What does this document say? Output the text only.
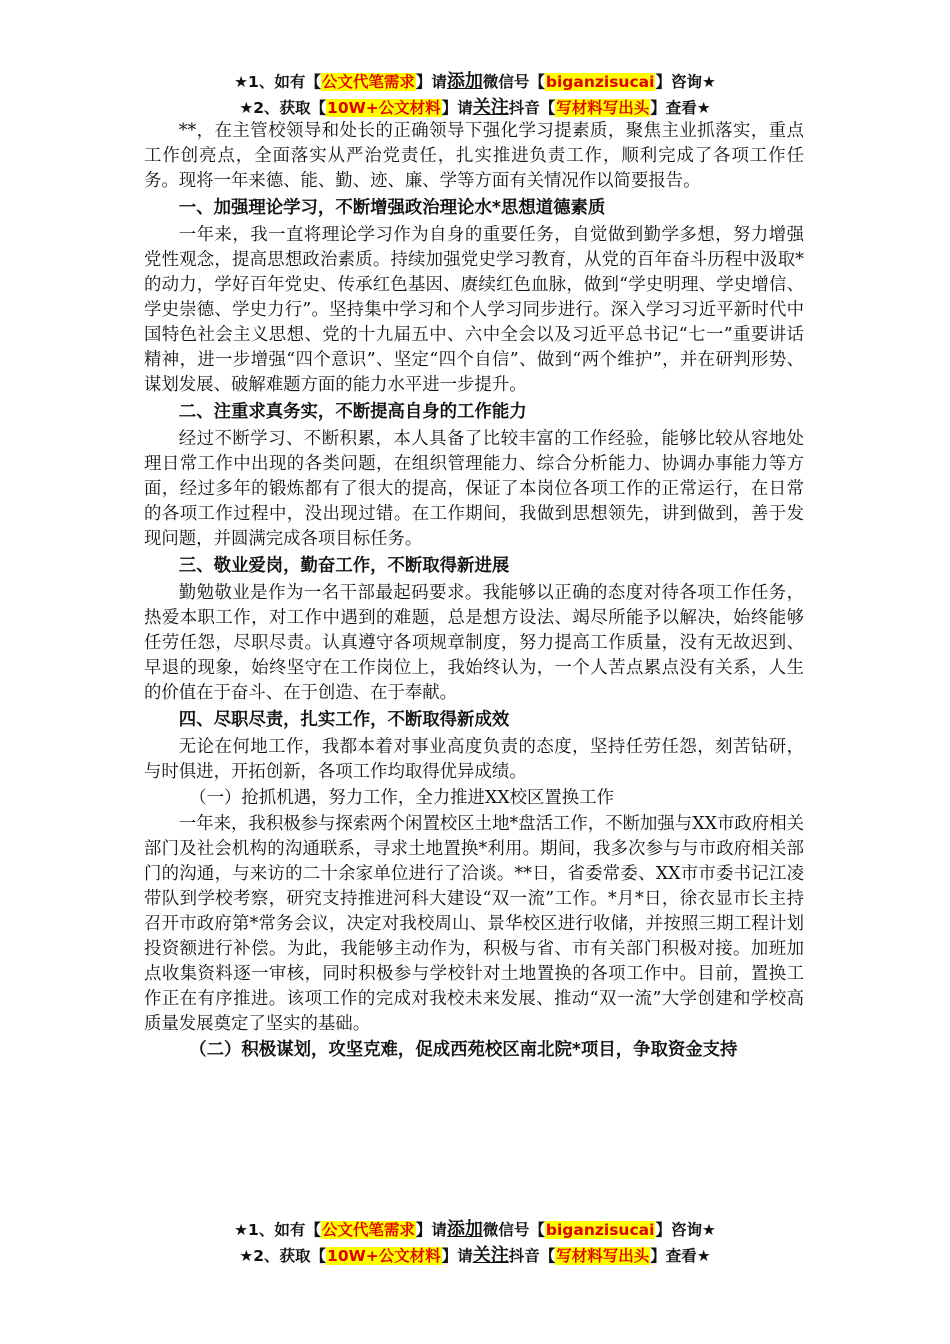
★1、如有【公文代笔需求】请添加微信号【biganzisucai】咨询★
★2、获取【10W+公文材料】请关注抖音【写材料写出头】查看★

**，在主管校领导和处长的正确领导下强化学习提素质，聚焦主业抓落实，重点工作创亮点，全面落实从严治党责任，扎实推进负责工作，顺利完成了各项工作任务。现将一年来德、能、勤、迹、廉、学等方面有关情况作以简要报告。

一、加强理论学习，不断增强政治理论水*思想道德素质

一年来，我一直将理论学习作为自身的重要任务，自觉做到勤学多想，努力增强党性观念，提高思想政治素质。持续加强党史学习教育，从党的百年奋斗历程中汲取*的动力，学好百年党史、传承红色基因、赓续红色血脉，做到“学史明理、学史增信、学史崇德、学史力行”。坚持集中学习和个人学习同步进行。深入学习习近平新时代中国特色社会主义思想、党的十九届五中、六中全会以及习近平总书记“七一”重要讲话精神，进一步增强“四个意识”、坚定“四个自信”、做到“两个维护”，并在研判形势、谋划发展、破解难题方面的能力水平进一步提升。

二、注重求真务实，不断提高自身的工作能力

经过不断学习、不断积累，本人具备了比较丰富的工作经验，能够比较从容地处理日常工作中出现的各类问题，在组织管理能力、综合分析能力、协调办事能力等方面，经过多年的锻炼都有了很大的提高，保证了本岗位各项工作的正常运行，在日常的各项工作过程中，没出现过错。在工作期间，我做到思想领先，讲到做到，善于发现问题，并圆满完成各项目标任务。

三、敬业爱岗，勤奋工作，不断取得新进展

勤勉敬业是作为一名干部最起码要求。我能够以正确的态度对待各项工作任务，热爱本职工作，对工作中遇到的难题，总是想方设法、竭尽所能予以解决，始终能够任劳任怨，尽职尽责。认真遵守各项规章制度，努力提高工作质量，没有无故迟到、早退的现象，始终坚守在工作岗位上，我始终认为，一个人苦点累点没有关系，人生的价值在于奋斗、在于创造、在于奉献。

四、尽职尽责，扎实工作，不断取得新成效

无论在何地工作，我都本着对事业高度负责的态度，坚持任劳任怨，刻苦钻研，与时俱进，开拓创新，各项工作均取得优异成绩。

（一）抢抓机遇，努力工作，全力推进XX校区置换工作

一年来，我积极参与探索两个闲置校区土地*盘活工作，不断加强与XX市政府相关部门及社会机构的沟通联系，寻求土地置换*利用。期间，我多次参与与市政府相关部门的沟通，与来访的二十余家单位进行了洽谈。**日，省委常委、XX市市委书记江凌带队到学校考察，研究支持推进河科大建设“双一流”工作。*月*日，徐衣显市长主持召开市政府第*常务会议，决定对我校周山、景华校区进行收储，并按照三期工程计划投资额进行补偿。为此，我能够主动作为，积极与省、市有关部门积极对接。加班加点收集资料逐一审核，同时积极参与学校针对土地置换的各项工作中。目前，置换工作正在有序推进。该项工作的完成对我校未来发展、推动“双一流”大学创建和学校高质量发展奠定了坚实的基础。

（二）积极谋划，攻坚克难，促成西苑校区南北院*项目，争取资金支持
★1、如有【公文代笔需求】请添加微信号【biganzisucai】咨询★
★2、获取【10W+公文材料】请关注抖音【写材料写出头】查看★
